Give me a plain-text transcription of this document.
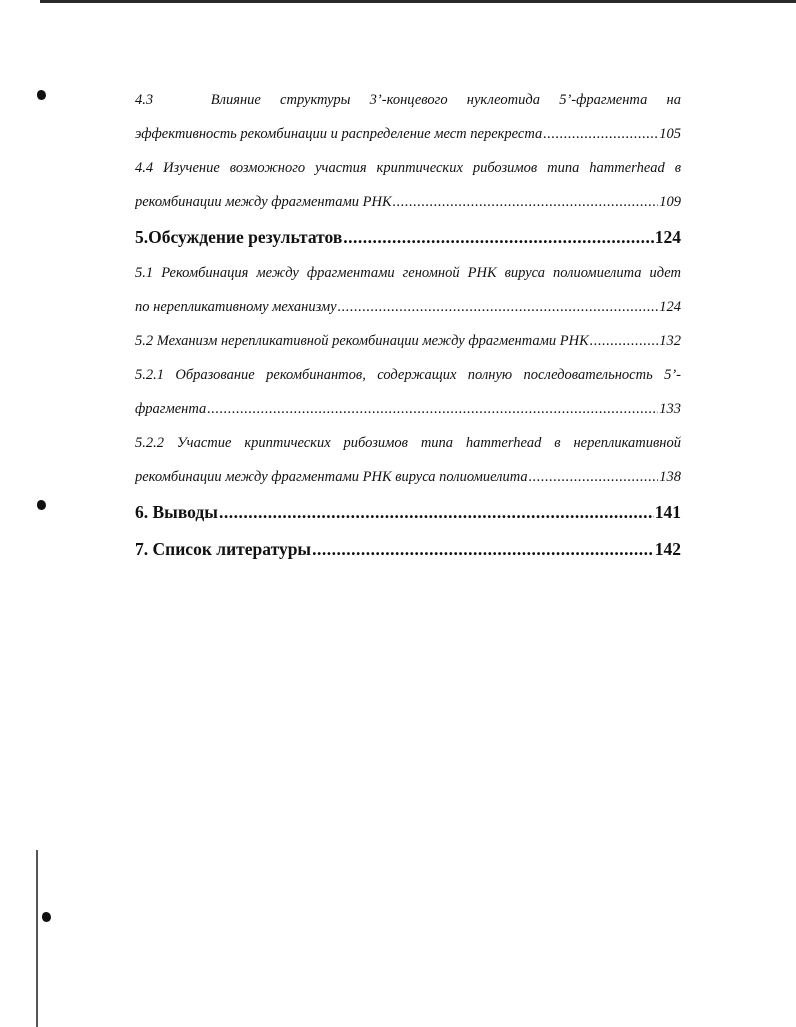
4.3	Влияние структуры 3’-концевого нуклеотида 5’-фрагмента на
эффективность рекомбинации и распределение мест перекреста .....	105
4.4 Изучение возможного участия криптических рибозимов типа hammerhead в
рекомбинации между фрагментами РНК .....	109
5.Обсуждение результатов .....	124
5.1 Рекомбинация между фрагментами геномной РНК вируса полиомиелита идет
по нерепликативному механизму .....	124
5.2 Механизм нерепликативной рекомбинации между фрагментами РНК .....	132
5.2.1 Образование рекомбинантов, содержащих полную последовательность 5’-
фрагмента .....	133
5.2.2 Участие криптических рибозимов типа hammerhead в нерепликативной
рекомбинации между фрагментами РНК вируса полиомиелита .....	138
6. Выводы .....	141
7. Список литературы .....	142
